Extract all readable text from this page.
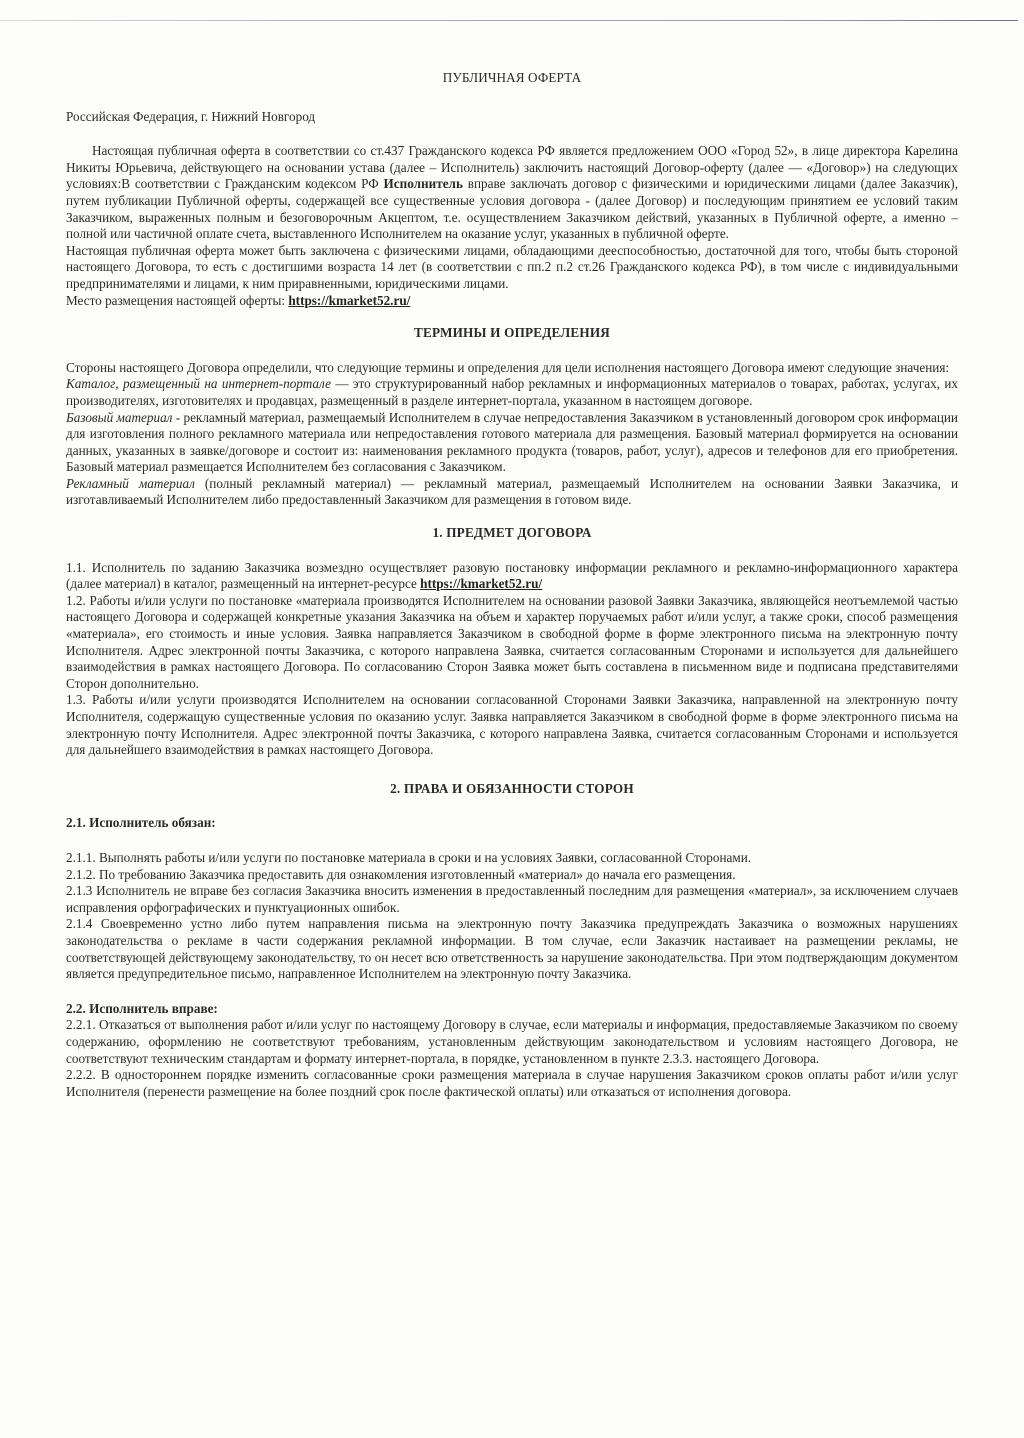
ПУБЛИЧНАЯ ОФЕРТА

Российская Федерация, г. Нижний Новгород

Настоящая публичная оферта в соответствии со ст.437 Гражданского кодекса РФ является предложением ООО «Город 52», в лице директора Карелина Никиты Юрьевича, действующего на основании устава (далее – Исполнитель) заключить настоящий Договор-оферту (далее — «Договор») на следующих условиях:В соответствии с Гражданским кодексом РФ Исполнитель вправе заключать договор с физическими и юридическими лицами (далее Заказчик), путем публикации Публичной оферты, содержащей все существенные условия договора - (далее Договор) и последующим принятием ее условий таким Заказчиком, выраженных полным и безоговорочным Акцептом, т.е. осуществлением Заказчиком действий, указанных в Публичной оферте, а именно – полной или частичной оплате счета, выставленного Исполнителем на оказание услуг, указанных в публичной оферте.

Настоящая публичная оферта может быть заключена с физическими лицами, обладающими дееспособностью, достаточной для того, чтобы быть стороной настоящего Договора, то есть с достигшими возраста 14 лет (в соответствии с пп.2 п.2 ст.26 Гражданского кодекса РФ), в том числе с индивидуальными предпринимателями и лицами, к ним приравненными, юридическими лицами.

Место размещения настоящей оферты: https://kmarket52.ru/

ТЕРМИНЫ И ОПРЕДЕЛЕНИЯ

Стороны настоящего Договора определили, что следующие термины и определения для цели исполнения настоящего Договора имеют следующие значения:

Каталог, размещенный на интернет-портале — это структурированный набор рекламных и информационных материалов о товарах, работах, услугах, их производителях, изготовителях и продавцах, размещенный в разделе интернет-портала, указанном в настоящем договоре.

Базовый материал - рекламный материал, размещаемый Исполнителем в случае непредоставления Заказчиком в установленный договором срок информации для изготовления полного рекламного материала или непредоставления готового материала для размещения. Базовый материал формируется на основании данных, указанных в заявке/договоре и состоит из: наименования рекламного продукта (товаров, работ, услуг), адресов и телефонов для его приобретения. Базовый материал размещается Исполнителем без согласования с Заказчиком.

Рекламный материал (полный рекламный материал) — рекламный материал, размещаемый Исполнителем на основании Заявки Заказчика, и изготавливаемый Исполнителем либо предоставленный Заказчиком для размещения в готовом виде.

1. ПРЕДМЕТ ДОГОВОРА

1.1. Исполнитель по заданию Заказчика возмездно осуществляет разовую постановку информации рекламного и рекламно-информационного характера (далее материал) в каталог, размещенный на интернет-ресурсе https://kmarket52.ru/

1.2. Работы и/или услуги по постановке «материала производятся Исполнителем на основании разовой Заявки Заказчика, являющейся неотъемлемой частью настоящего Договора и содержащей конкретные указания Заказчика на объем и характер поручаемых работ и/или услуг, а также сроки, способ размещения «материала», его стоимость и иные условия. Заявка направляется Заказчиком в свободной форме в форме электронного письма на электронную почту Исполнителя. Адрес электронной почты Заказчика, с которого направлена Заявка, считается согласованным Сторонами и используется для дальнейшего взаимодействия в рамках настоящего Договора. По согласованию Сторон Заявка может быть составлена в письменном виде и подписана представителями Сторон дополнительно.

1.3. Работы и/или услуги производятся Исполнителем на основании согласованной Сторонами Заявки Заказчика, направленной на электронную почту Исполнителя, содержащую существенные условия по оказанию услуг. Заявка направляется Заказчиком в свободной форме в форме электронного письма на электронную почту Исполнителя. Адрес электронной почты Заказчика, с которого направлена Заявка, считается согласованным Сторонами и используется для дальнейшего взаимодействия в рамках настоящего Договора.

2. ПРАВА И ОБЯЗАННОСТИ СТОРОН
2.1. Исполнитель обязан:

2.1.1. Выполнять работы и/или услуги по постановке материала в сроки и на условиях Заявки, согласованной Сторонами.

2.1.2. По требованию Заказчика предоставить для ознакомления изготовленный «материал» до начала его размещения.

2.1.3 Исполнитель не вправе без согласия Заказчика вносить изменения в предоставленный последним для размещения «материал», за исключением случаев исправления орфографических и пунктуационных ошибок.

2.1.4 Своевременно устно либо путем направления письма на электронную почту Заказчика предупреждать Заказчика о возможных нарушениях законодательства о рекламе в части содержания рекламной информации. В том случае, если Заказчик настаивает на размещении рекламы, не соответствующей действующему законодательству, то он несет всю ответственность за нарушение законодательства. При этом подтверждающим документом является предупредительное письмо, направленное Исполнителем на электронную почту Заказчика.

2.2. Исполнитель вправе:

2.2.1. Отказаться от выполнения работ и/или услуг по настоящему Договору в случае, если материалы и информация, предоставляемые Заказчиком по своему содержанию, оформлению не соответствуют требованиям, установленным действующим законодательством и условиям настоящего Договора, не соответствуют техническим стандартам и формату интернет-портала, в порядке, установленном в пункте 2.3.3. настоящего Договора.

2.2.2. В одностороннем порядке изменить согласованные сроки размещения материала в случае нарушения Заказчиком сроков оплаты работ и/или услуг Исполнителя (перенести размещение на более поздний срок после фактической оплаты) или отказаться от исполнения договора.
